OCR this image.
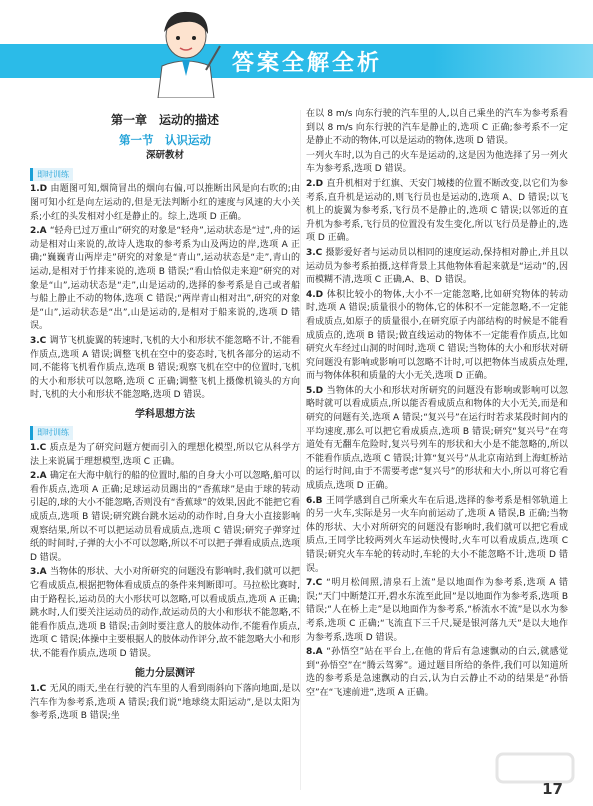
答案全解全析
第一章　运动的描述
第一节　认识运动
深研教材
即时训练
1.D 由题图可知,烟筒冒出的烟向右偏,可以推断出风是向右吹的;由图可知小红是向左运动的,但是无法判断小红的速度与风速的大小关系;小红的头发相对小红是静止的。综上,选项 D 正确。
2.A “轻舟已过万重山”研究的对象是“轻舟”,运动状态是“过”,舟的运动是相对山来说的,故诗人选取的参考系为山及两边的岸,选项 A 正确;“巍巍青山两岸走”研究的对象是“青山”,运动状态是“走”,青山的运动,是相对于竹排来说的,选项 B 错误;“看山恰似走来迎”研究的对象是“山”,运动状态是“走”,山是运动的,选择的参考系是自己或者船与船上静止不动的物体,选项 C 错误;“两岸青山相对出”,研究的对象是“山”,运动状态是“出”,山是运动的,是相对于船来说的,选项 D 错误。
3.C 调节飞机旋翼的转速时,飞机的大小和形状不能忽略不计,不能看作质点,选项 A 错误;调整飞机在空中的姿态时,飞机各部分的运动不同,不能将飞机看作质点,选项 B 错误;观察飞机在空中的位置时,飞机的大小和形状可以忽略,选项 C 正确;调整飞机上摄像机镜头的方向时,飞机的大小和形状不能忽略,选项 D 错误。
学科思想方法
即时训练
1.C 质点是为了研究问题方便而引入的理想化模型,所以它从科学方法上来说属于理想模型,选项 C 正确。
2.A 确定在大海中航行的船的位置时,船的自身大小可以忽略,船可以看作质点,选项 A 正确;足球运动员踢出的“香蕉球”是由于球的转动引起的,球的大小不能忽略,否则没有“香蕉球”的效果,因此不能把它看成质点,选项 B 错误;研究跳台跳水运动的动作时,自身大小直接影响观察结果,所以不可以把运动员看成质点,选项 C 错误;研究子弹穿过纸的时间时,子弹的大小不可以忽略,所以不可以把子弹看成质点,选项 D 错误。
3.A 当物体的形状、大小对所研究的问题没有影响时,我们就可以把它看成质点,根据把物体看成质点的条件来判断即可。马拉松比赛时,由于路程长,运动员的大小形状可以忽略,可以看成质点,选项 A 正确;跳水时,人们要关注运动员的动作,故运动员的大小和形状不能忽略,不能看作质点,选项 B 错误;击剑时要注意人的肢体动作,不能看作质点,选项 C 错误;体操中主要根据人的肢体动作评分,故不能忽略大小和形状,不能看作质点,选项 D 错误。
能力分层测评
1.C 无风的雨天,坐在行驶的汽车里的人看到雨斜向下落向地面,是以汽车作为参考系,选项 A 错误;我们说“地球绕太阳运动”,是以太阳为参考系,选项 B 错误;坐
在以 8 m/s 向东行驶的汽车里的人,以自己乘坐的汽车为参考系看到以 8 m/s 向东行驶的汽车是静止的,选项 C 正确;参考系不一定是静止不动的物体,可以是运动的物体,选项 D 错误。
一列火车时,以为自己的火车是运动的,这是因为他选择了另一列火车为参考系,选项 D 错误。
2.D 直升机相对于红旗、天安门城楼的位置不断改变,以它们为参考系,直升机是运动的,则飞行员也是运动的,选项 A、D 错误;以飞机上的旋翼为参考系,飞行员不是静止的,选项 C 错误;以邻近的直升机为参考系,飞行员的位置没有发生变化,所以飞行员是静止的,选项 D 正确。
3.C 摄影爱好者与运动员以相同的速度运动,保持相对静止,并且以运动员为参考系拍摄,这样背景上其他物体看起来就是“运动”的,因而模糊不清,选项 C 正确,A、B、D 错误。
4.D 体积比较小的物体,大小不一定能忽略,比如研究物体的转动时,选项 A 错误;质量很小的物体,它的体积不一定能忽略,不一定能看成质点,如原子的质量很小,在研究原子内部结构的时候是不能看成质点的,选项 B 错误;做直线运动的物体不一定能看作质点,比如研究火车经过山洞的时间时,选项 C 错误;当物体的大小和形状对研究问题没有影响或影响可以忽略不计时,可以把物体当成质点处理,而与物体体积和质量的大小无关,选项 D 正确。
5.D 当物体的大小和形状对所研究的问题没有影响或影响可以忽略时就可以看成质点,所以能否看成质点和物体的大小无关,而是和研究的问题有关,选项 A 错误;“复兴号”在运行时若求某段时间内的平均速度,那么可以把它看成质点,选项 B 错误;研究“复兴号”在弯道处有无翻车危险时,复兴号列车的形状和大小是不能忽略的,所以不能看作质点,选项 C 错误;计算“复兴号”从北京南站到上海虹桥站的运行时间,由于不需要考虑“复兴号”的形状和大小,所以可将它看成质点,选项 D 正确。
6.B 王同学感到自己所乘火车在后退,选择的参考系是相邻轨道上的另一火车,实际是另一火车向前运动了,选项 A 错误,B 正确;当物体的形状、大小对所研究的问题没有影响时,我们就可以把它看成质点,王同学比较两列火车运动快慢时,火车可以看成质点,选项 C 错误;研究火车车轮的转动时,车轮的大小不能忽略不计,选项 D 错误。
7.C “明月松间照,清泉石上流”是以地面作为参考系,选项 A 错误;“天门中断楚江开,碧水东流至此回”是以地面作为参考系,选项 B 错误;“人在桥上走”是以地面作为参考系,“桥流水不流”是以水为参考系,选项 C 正确;“飞流直下三千尺,疑是银河落九天”是以大地作为参考系,选项 D 错误。
8.A “孙悟空”站在平台上,在他的背后有急速飘动的白云,就感觉到“孙悟空”在“腾云驾雾”。通过题目所给的条件,我们可以知道所选的参考系是急速飘动的白云,认为白云静止不动的结果是“孙悟空”在“飞速前进”,选项 A 正确。
17
